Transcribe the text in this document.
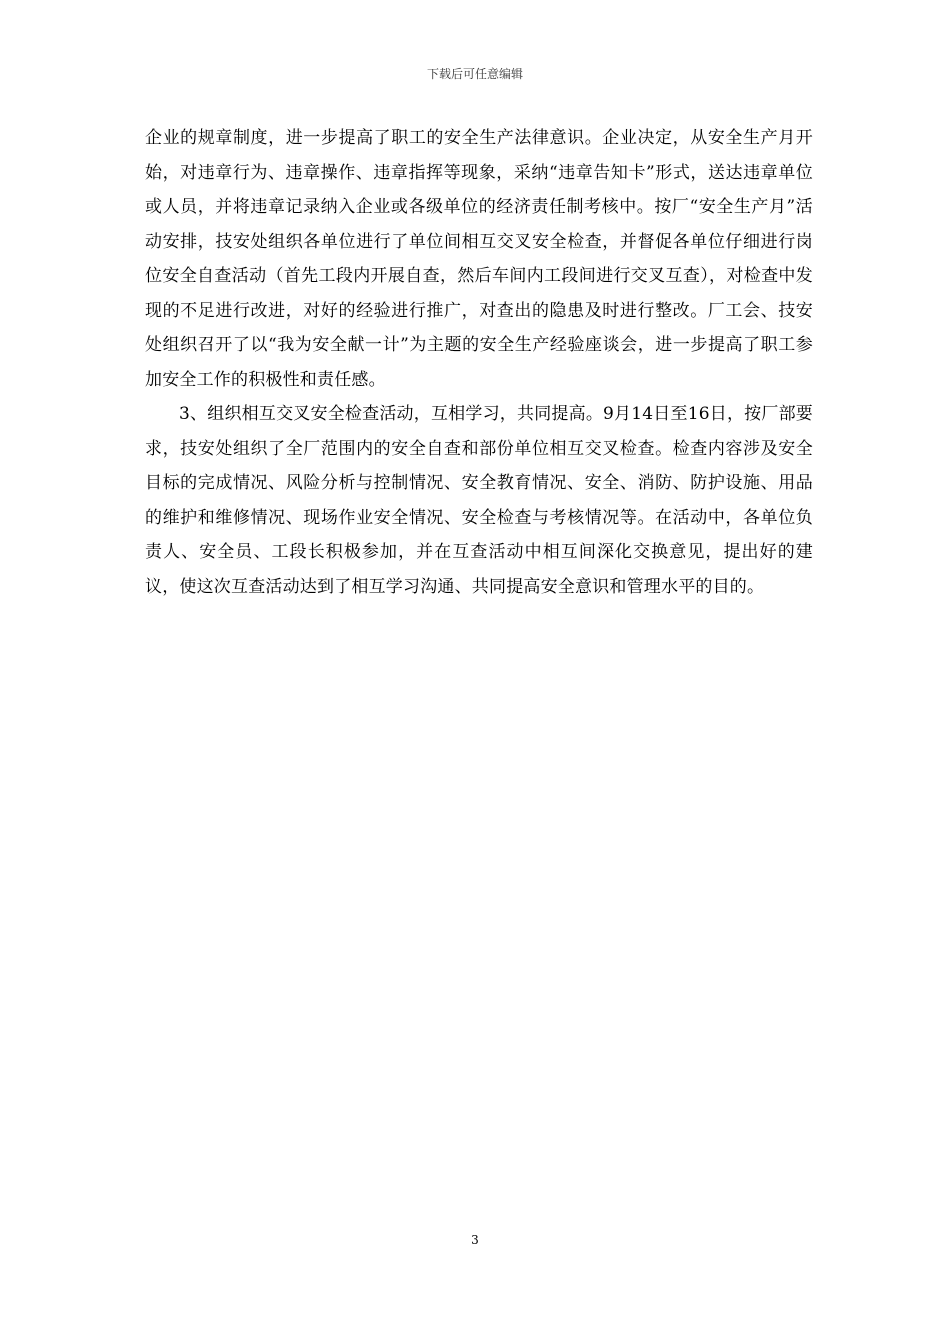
下载后可任意编辑

企业的规章制度，进一步提高了职工的安全生产法律意识。企业决定，从安全生产月开始，对违章行为、违章操作、违章指挥等现象，采纳“违章告知卡”形式，送达违章单位或人员，并将违章记录纳入企业或各级单位的经济责任制考核中。按厂“安全生产月”活动安排，技安处组织各单位进行了单位间相互交叉安全检查，并督促各单位仔细进行岗位安全自查活动（首先工段内开展自查，然后车间内工段间进行交叉互查），对检查中发现的不足进行改进，对好的经验进行推广，对查出的隐患及时进行整改。厂工会、技安处组织召开了以“我为安全献一计”为主题的安全生产经验座谈会，进一步提高了职工参加安全工作的积极性和责任感。

3、组织相互交叉安全检查活动，互相学习，共同提高。9月14日至16日，按厂部要求，技安处组织了全厂范围内的安全自查和部份单位相互交叉检查。检查内容涉及安全目标的完成情况、风险分析与控制情况、安全教育情况、安全、消防、防护设施、用品的维护和维修情况、现场作业安全情况、安全检查与考核情况等。在活动中，各单位负责人、安全员、工段长积极参加，并在互查活动中相互间深化交换意见，提出好的建议，使这次互查活动达到了相互学习沟通、共同提高安全意识和管理水平的目的。

3
